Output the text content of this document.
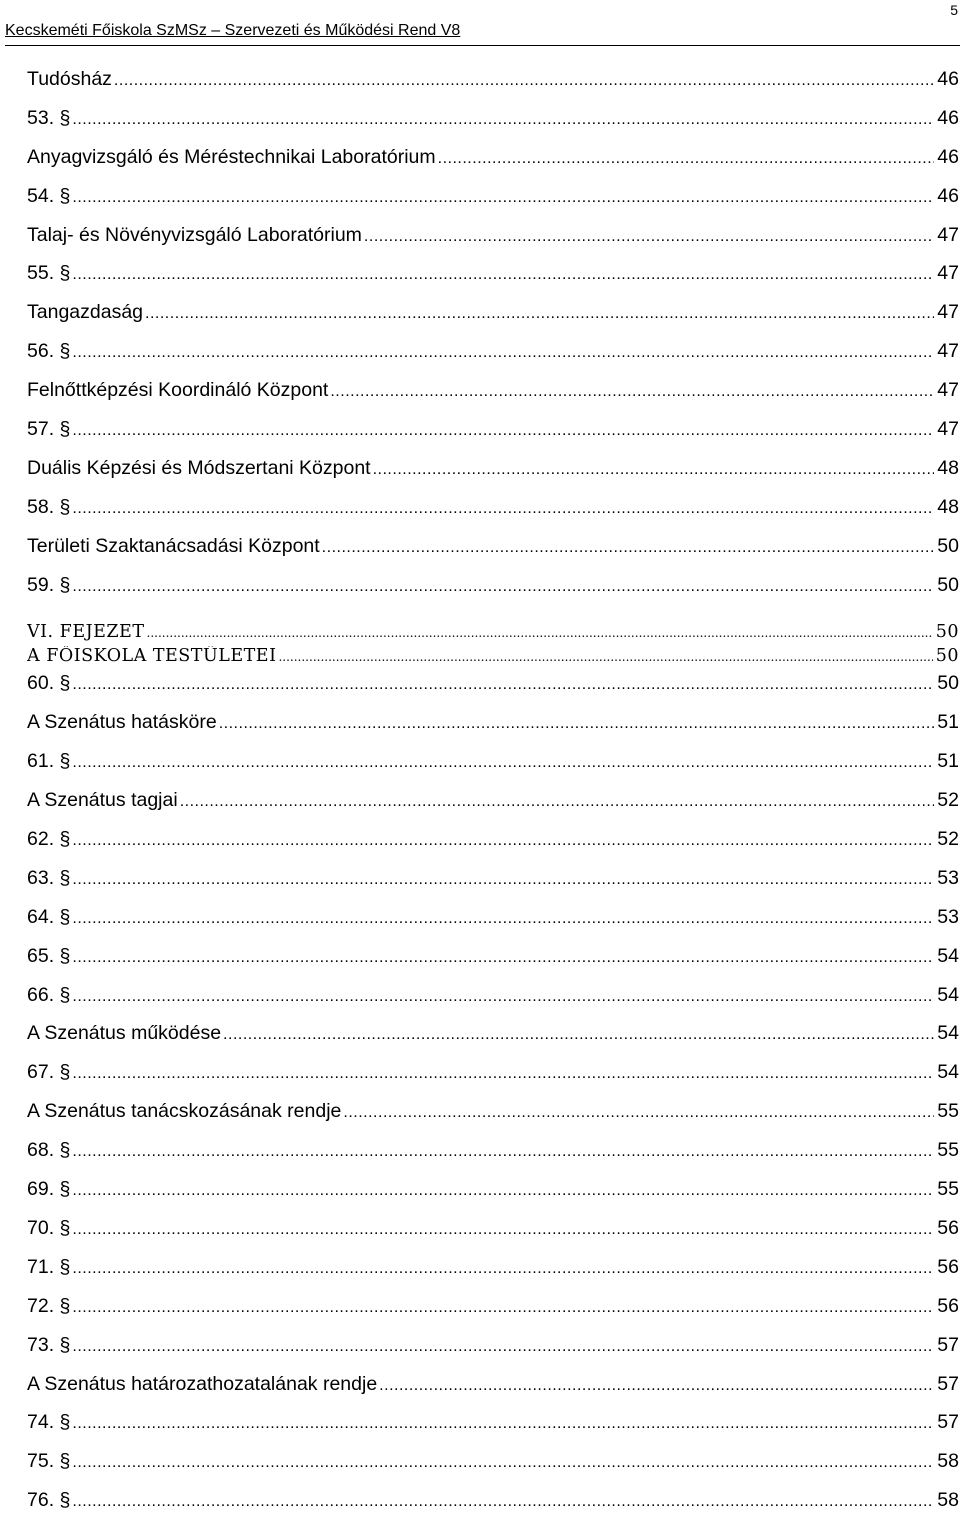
5
Kecskeméti Főiskola SzMSz – Szervezeti és Működési Rend V8
Tudósház .....	46
53. § .....	46
Anyagvizsgáló és Méréstechnikai Laboratórium .....	46
54. § .....	46
Talaj- és Növényvizsgáló Laboratórium .....	47
55. § .....	47
Tangazdaság .....	47
56. § .....	47
Felnőttképzési Koordináló Központ .....	47
57. § .....	47
Duális Képzési és Módszertani Központ .....	48
58. § .....	48
Területi Szaktanácsadási Központ .....	50
59. § .....	50
VI. FEJEZET .....	50
A FŐISKOLA TESTÜLETEI .....	50
60. § .....	50
A Szenátus hatásköre .....	51
61. § .....	51
A Szenátus tagjai .....	52
62. § .....	52
63. § .....	53
64. § .....	53
65. § .....	54
66. § .....	54
A Szenátus működése .....	54
67. § .....	54
A Szenátus tanácskozásának rendje .....	55
68. § .....	55
69. § .....	55
70. § .....	56
71. § .....	56
72. § .....	56
73. § .....	57
A Szenátus határozathozatalának rendje .....	57
74. § .....	57
75. § .....	58
76. § .....	58
